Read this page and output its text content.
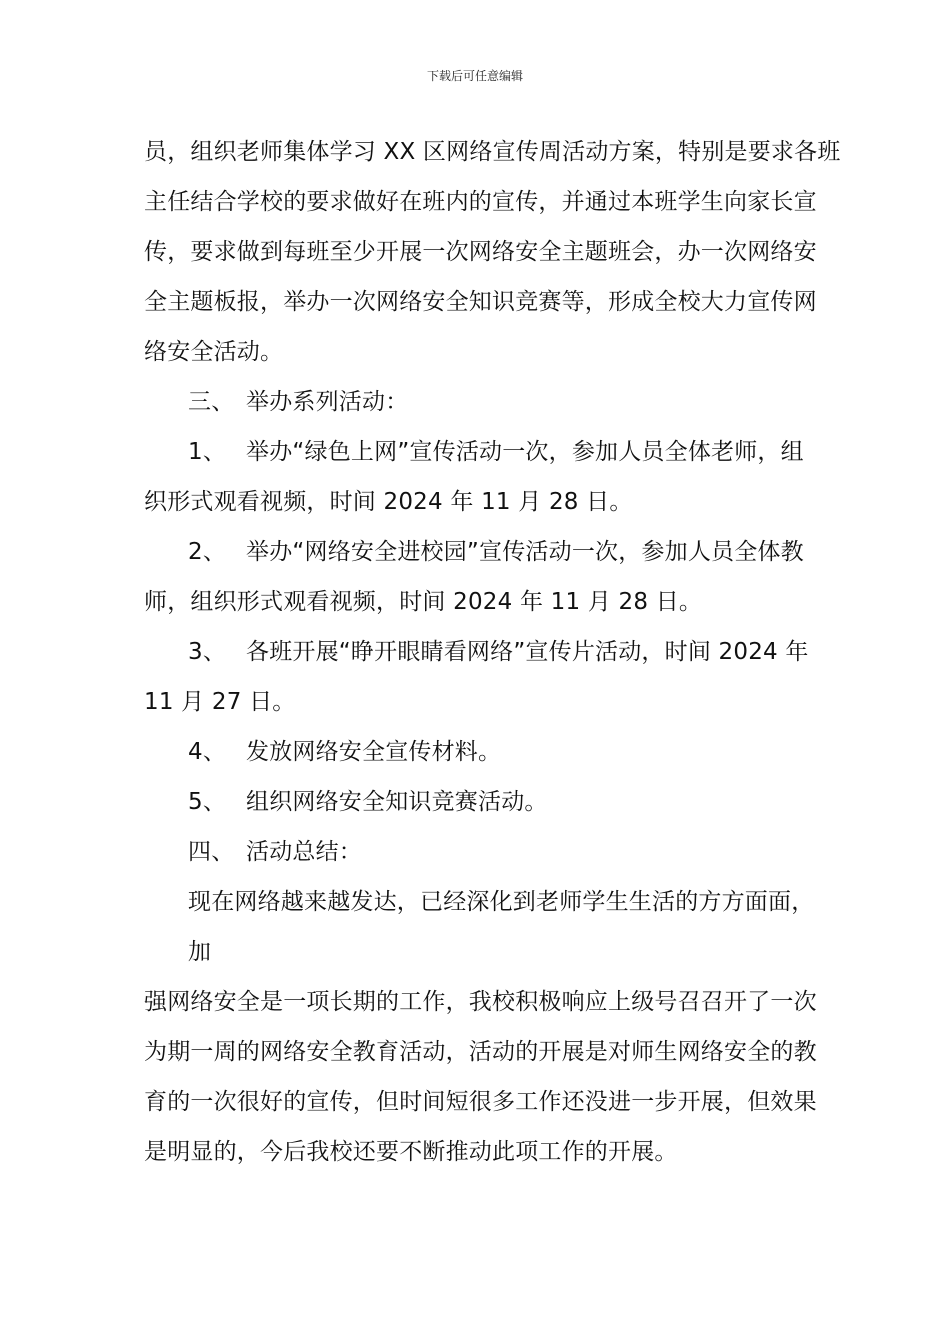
下载后可任意编辑
员，组织老师集体学习 XX 区网络宣传周活动方案，特别是要求各班
主任结合学校的要求做好在班内的宣传，并通过本班学生向家长宣
传，要求做到每班至少开展一次网络安全主题班会，办一次网络安
全主题板报，举办一次网络安全知识竞赛等，形成全校大力宣传网
络安全活动。
三、 举办系列活动：
1、 举办“绿色上网”宣传活动一次，参加人员全体老师，组
织形式观看视频，时间 2024 年 11 月 28 日。
2、 举办“网络安全进校园”宣传活动一次，参加人员全体教
师，组织形式观看视频，时间 2024 年 11 月 28 日。
3、 各班开展“睁开眼睛看网络”宣传片活动，时间 2024 年
11 月 27 日。
4、 发放网络安全宣传材料。
5、 组织网络安全知识竞赛活动。
四、 活动总结：
现在网络越来越发达，已经深化到老师学生生活的方方面面，
加
强网络安全是一项长期的工作，我校积极响应上级号召召开了一次
为期一周的网络安全教育活动，活动的开展是对师生网络安全的教
育的一次很好的宣传，但时间短很多工作还没进一步开展，但效果
是明显的，今后我校还要不断推动此项工作的开展。
